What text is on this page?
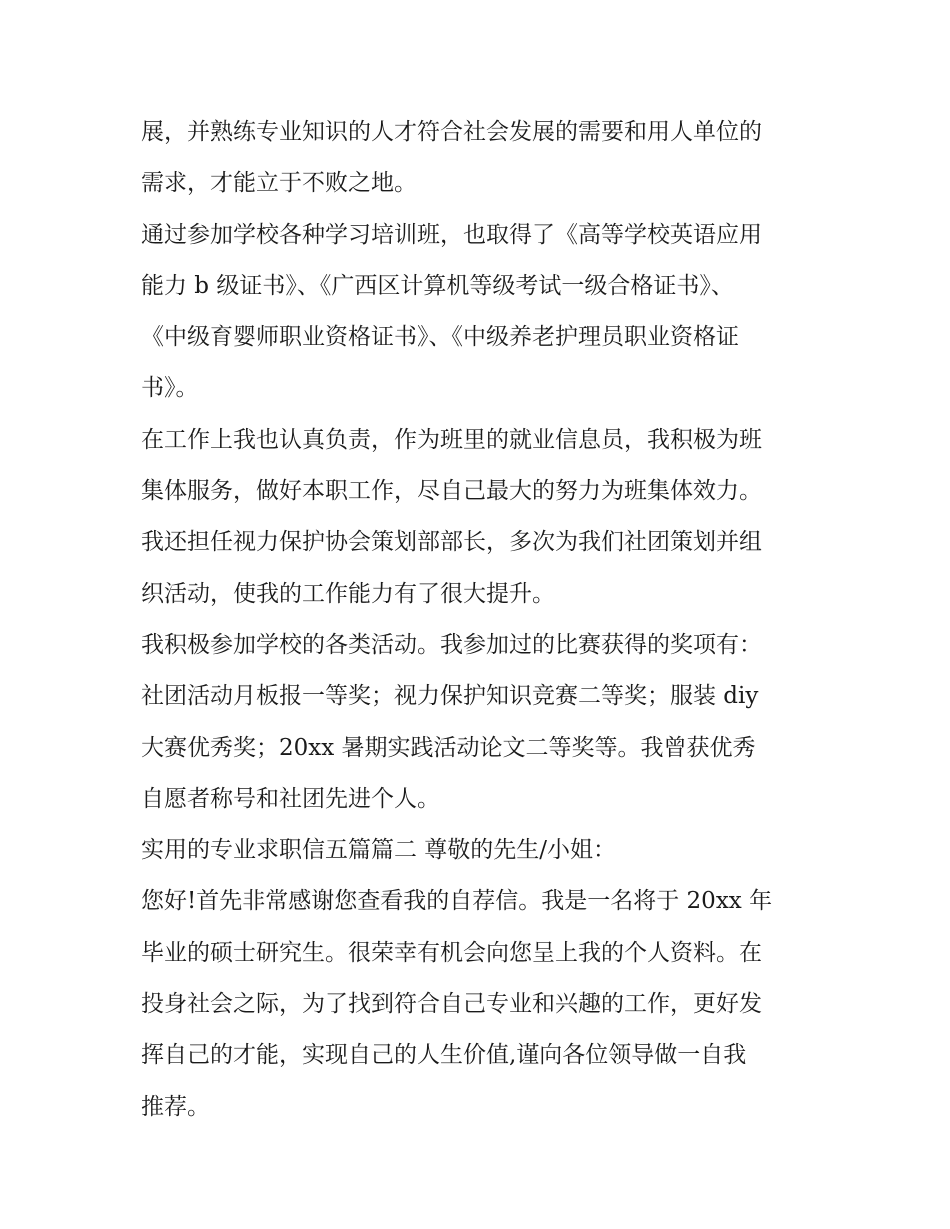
展，并熟练专业知识的人才符合社会发展的需要和用人单位的
需求，才能立于不败之地。
通过参加学校各种学习培训班，也取得了《高等学校英语应用
能力 b 级证书》、《广西区计算机等级考试一级合格证书》、
《中级育婴师职业资格证书》、《中级养老护理员职业资格证
书》。
在工作上我也认真负责，作为班里的就业信息员，我积极为班
集体服务，做好本职工作，尽自己最大的努力为班集体效力。
我还担任视力保护协会策划部部长，多次为我们社团策划并组
织活动，使我的工作能力有了很大提升。
我积极参加学校的各类活动。我参加过的比赛获得的奖项有：
社团活动月板报一等奖；视力保护知识竞赛二等奖；服装 diy
大赛优秀奖；20xx 暑期实践活动论文二等奖等。我曾获优秀
自愿者称号和社团先进个人。
实用的专业求职信五篇篇二 尊敬的先生/小姐：
您好!首先非常感谢您查看我的自荐信。我是一名将于 20xx 年
毕业的硕士研究生。很荣幸有机会向您呈上我的个人资料。在
投身社会之际，为了找到符合自己专业和兴趣的工作，更好发
挥自己的才能，实现自己的人生价值,谨向各位领导做一自我
推荐。
